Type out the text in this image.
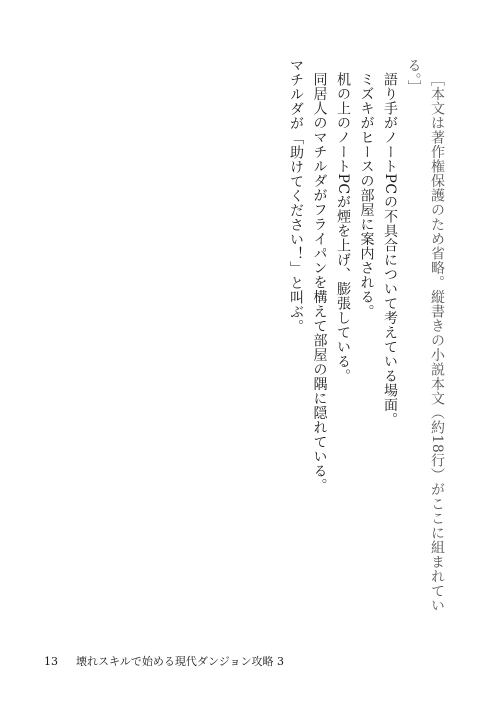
［本文は著作権保護のため省略。縦書きの小説本文（約18行）がここに組まれている。］

語り手がノートPCの不具合について考えている場面。

ミズキがヒースの部屋に案内される。

机の上のノートPCが煙を上げ、膨張している。

同居人のマチルダがフライパンを構えて部屋の隅に隠れている。

マチルダが「助けてください！」と叫ぶ。

13 壊れスキルで始める現代ダンジョン攻略 3
